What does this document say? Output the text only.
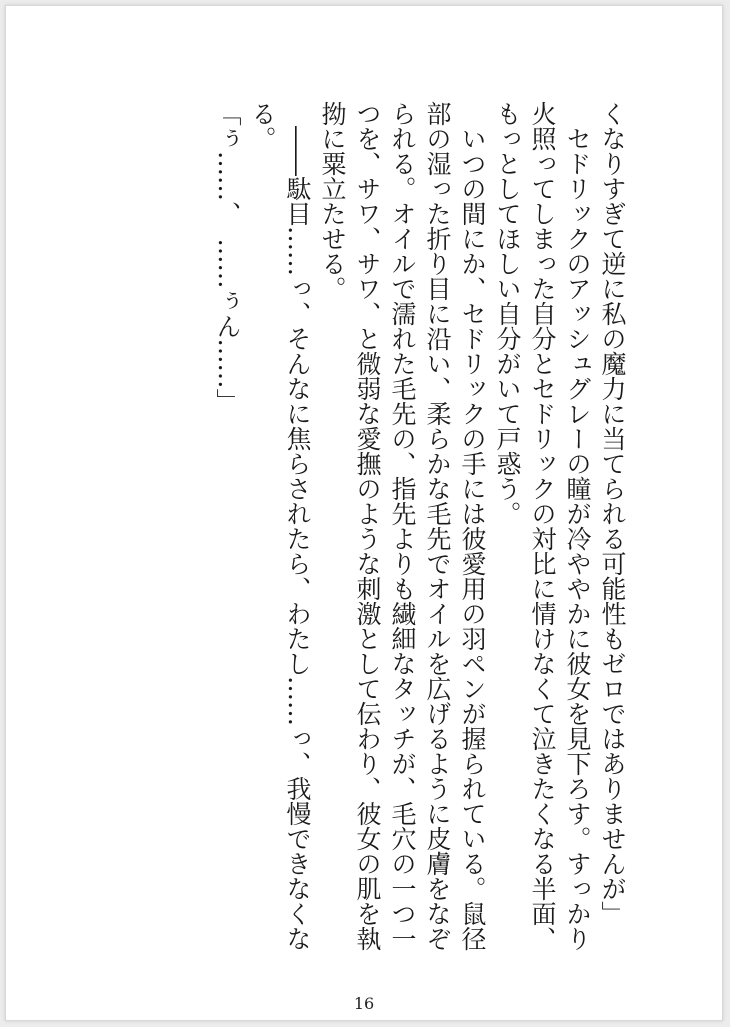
くなりすぎて逆に私の魔力に当てられる可能性もゼロではありませんが」
　セドリックのアッシュグレーの瞳が冷ややかに彼女を見下ろす。すっかり
火照ってしまった自分とセドリックの対比に情けなくて泣きたくなる半面、
もっとしてほしい自分がいて戸惑う。
　いつの間にか、セドリックの手には彼愛用の羽ペンが握られている。鼠径
部の湿った折り目に沿い、柔らかな毛先でオイルを広げるように皮膚をなぞ
られる。オイルで濡れた毛先の、指先よりも繊細なタッチが、毛穴の一つ一
つを、サワ、サワ、と微弱な愛撫のような刺激として伝わり、彼女の肌を執
拗に粟立たせる。
　――駄目……っ、そんなに焦らされたら、わたし……っ、我慢できなくな
る。
「ぅ……、　……ぅん……」
16
